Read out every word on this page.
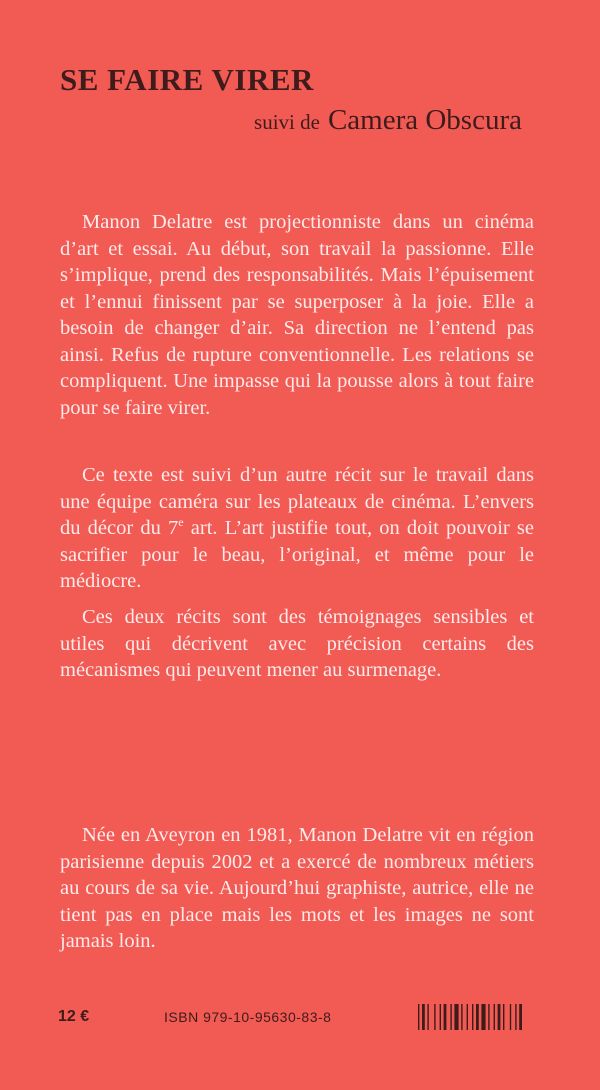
SE FAIRE VIRER
suivi de Camera Obscura

Manon Delatre est projectionniste dans un cinéma d’art et essai. Au début, son travail la passionne. Elle s’implique, prend des responsabilités. Mais l’épuisement et l’ennui finissent par se superposer à la joie. Elle a besoin de changer d’air. Sa direction ne l’entend pas ainsi. Refus de rupture conventionnelle. Les relations se compliquent. Une impasse qui la pousse alors à tout faire pour se faire virer.

Ce texte est suivi d’un autre récit sur le travail dans une équipe caméra sur les plateaux de cinéma. L’envers du décor du 7e art. L’art justifie tout, on doit pouvoir se sacrifier pour le beau, l’original, et même pour le médiocre.

Ces deux récits sont des témoignages sensibles et utiles qui décrivent avec précision certains des mécanismes qui peuvent mener au surmenage.

Née en Aveyron en 1981, Manon Delatre vit en région parisienne depuis 2002 et a exercé de nombreux métiers au cours de sa vie. Aujourd’hui graphiste, autrice, elle ne tient pas en place mais les mots et les images ne sont jamais loin.

12 €	ISBN 979-10-95630-83-8
